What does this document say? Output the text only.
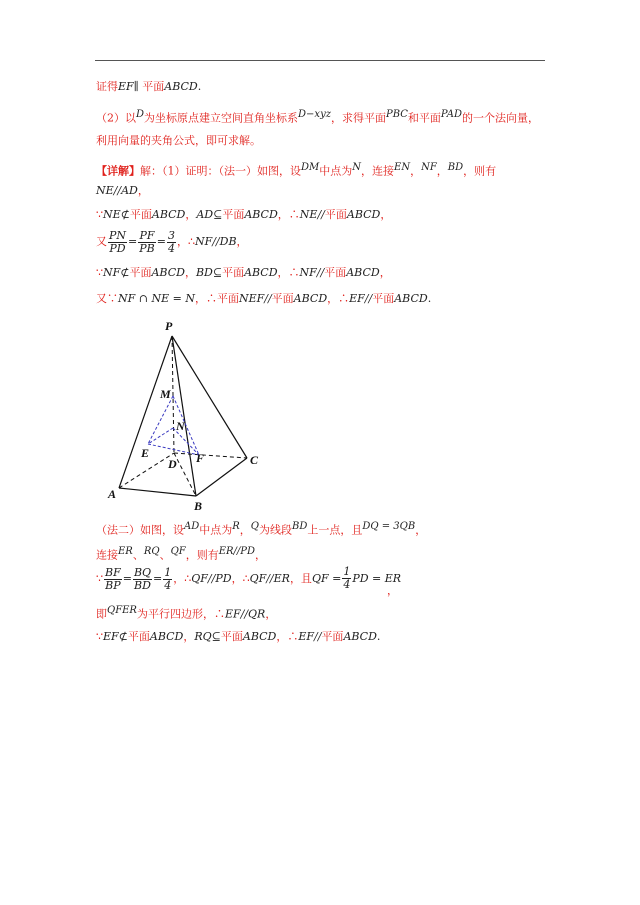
证得EF∥ 平面ABCD.
（2）以$^D$为坐标原点建立空间直角坐标系$^{D-xyz}$，求得平面$^{PBC}$和平面$^{PAD}$的一个法向量，
利用向量的夹角公式，即可求解。
【详解】解：（1）证明：（法一）如图，设$^{DM}$中点为$^N$，连接$^{EN}$，$^{NF}$，$^{BD}$，则有
NE//AD，
∵NE⊄平面ABCD，AD⊆平面ABCD，∴NE//平面ABCD，
又 $\frac{PN}{PD} = \frac{PF}{PB} = \frac{3}{4}$ ，∴NF//DB，
∵NF⊄平面ABCD，BD⊆平面ABCD，∴NF//平面ABCD，
又∵NF ∩ NE = N，∴平面NEF//平面ABCD，∴EF//平面ABCD.
P
M
N
E
D F	C
A
B
（法二）如图，设$^{AD}$中点为$^R$，$^Q$为线段$^{BD}$上一点，且$^{DQ = 3QB}$，
连接$^{ER}$、$^{RQ}$、$^{QF}$，则有$^{ER//PD}$，
∵ $\frac{BF}{BP} = \frac{BQ}{BD} = \frac{1}{4}$ ，∴QF//PD，∴QF//ER，且QF = $\frac{1}{4}$ PD = ER
，
即$^{QFER}$为平行四边形，∴EF//QR，
∵EF⊄平面ABCD，RQ⊆平面ABCD，∴EF//平面ABCD.
